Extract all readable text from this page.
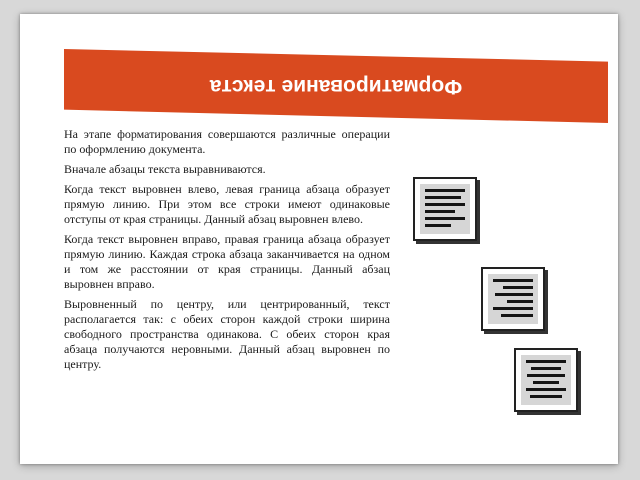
Форматирование текста

На этапе форматирования совершаются различные операции по оформлению документа.

Вначале абзацы текста выравниваются.

Когда текст выровнен влево, левая граница абзаца образует прямую линию. При этом все строки имеют одинаковые отступы от края страницы. Данный абзац выровнен влево.

Когда текст выровнен вправо, правая граница абзаца образует прямую линию. Каждая строка абзаца заканчивается на одном и том же расстоянии от края страницы. Данный абзац выровнен вправо.

Выровненный по центру, или центрированный, текст располагается так: с обеих сторон каждой строки ширина свободного пространства одинакова. С обеих сторон края абзаца получаются неровными. Данный абзац выровнен по центру.
